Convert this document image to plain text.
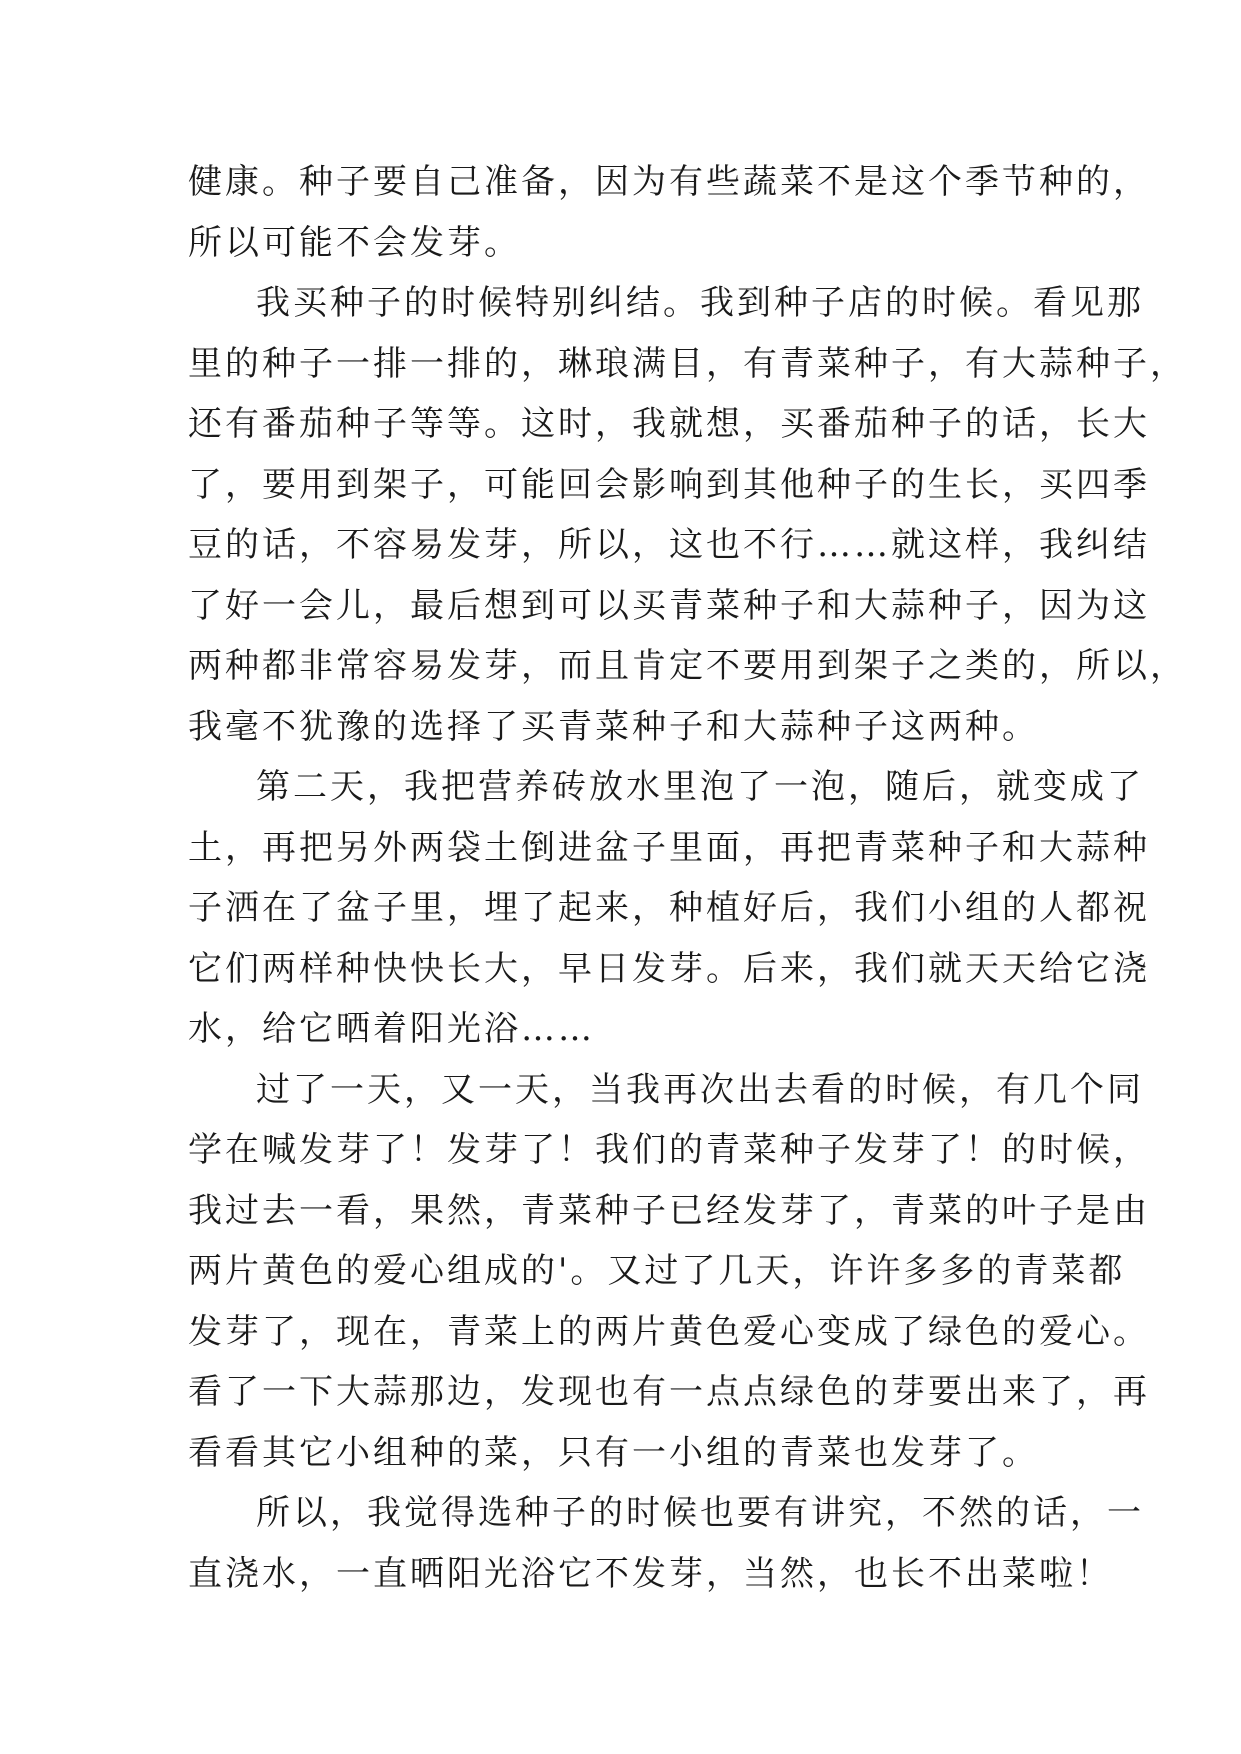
健康。种子要自己准备，因为有些蔬菜不是这个季节种的，
所以可能不会发芽。
我买种子的时候特别纠结。我到种子店的时候。看见那
里的种子一排一排的，琳琅满目，有青菜种子，有大蒜种子，
还有番茄种子等等。这时，我就想，买番茄种子的话，长大
了，要用到架子，可能回会影响到其他种子的生长，买四季
豆的话，不容易发芽，所以，这也不行……就这样，我纠结
了好一会儿，最后想到可以买青菜种子和大蒜种子，因为这
两种都非常容易发芽，而且肯定不要用到架子之类的，所以，
我毫不犹豫的选择了买青菜种子和大蒜种子这两种。
第二天，我把营养砖放水里泡了一泡，随后，就变成了
土，再把另外两袋土倒进盆子里面，再把青菜种子和大蒜种
子洒在了盆子里，埋了起来，种植好后，我们小组的人都祝
它们两样种快快长大，早日发芽。后来，我们就天天给它浇
水，给它晒着阳光浴……
过了一天，又一天，当我再次出去看的时候，有几个同
学在喊发芽了！发芽了！我们的青菜种子发芽了！的时候，
我过去一看，果然，青菜种子已经发芽了，青菜的叶子是由
两片黄色的爱心组成的'。又过了几天，许许多多的青菜都
发芽了，现在，青菜上的两片黄色爱心变成了绿色的爱心。
看了一下大蒜那边，发现也有一点点绿色的芽要出来了，再
看看其它小组种的菜，只有一小组的青菜也发芽了。
所以，我觉得选种子的时候也要有讲究，不然的话，一
直浇水，一直晒阳光浴它不发芽，当然，也长不出菜啦！
